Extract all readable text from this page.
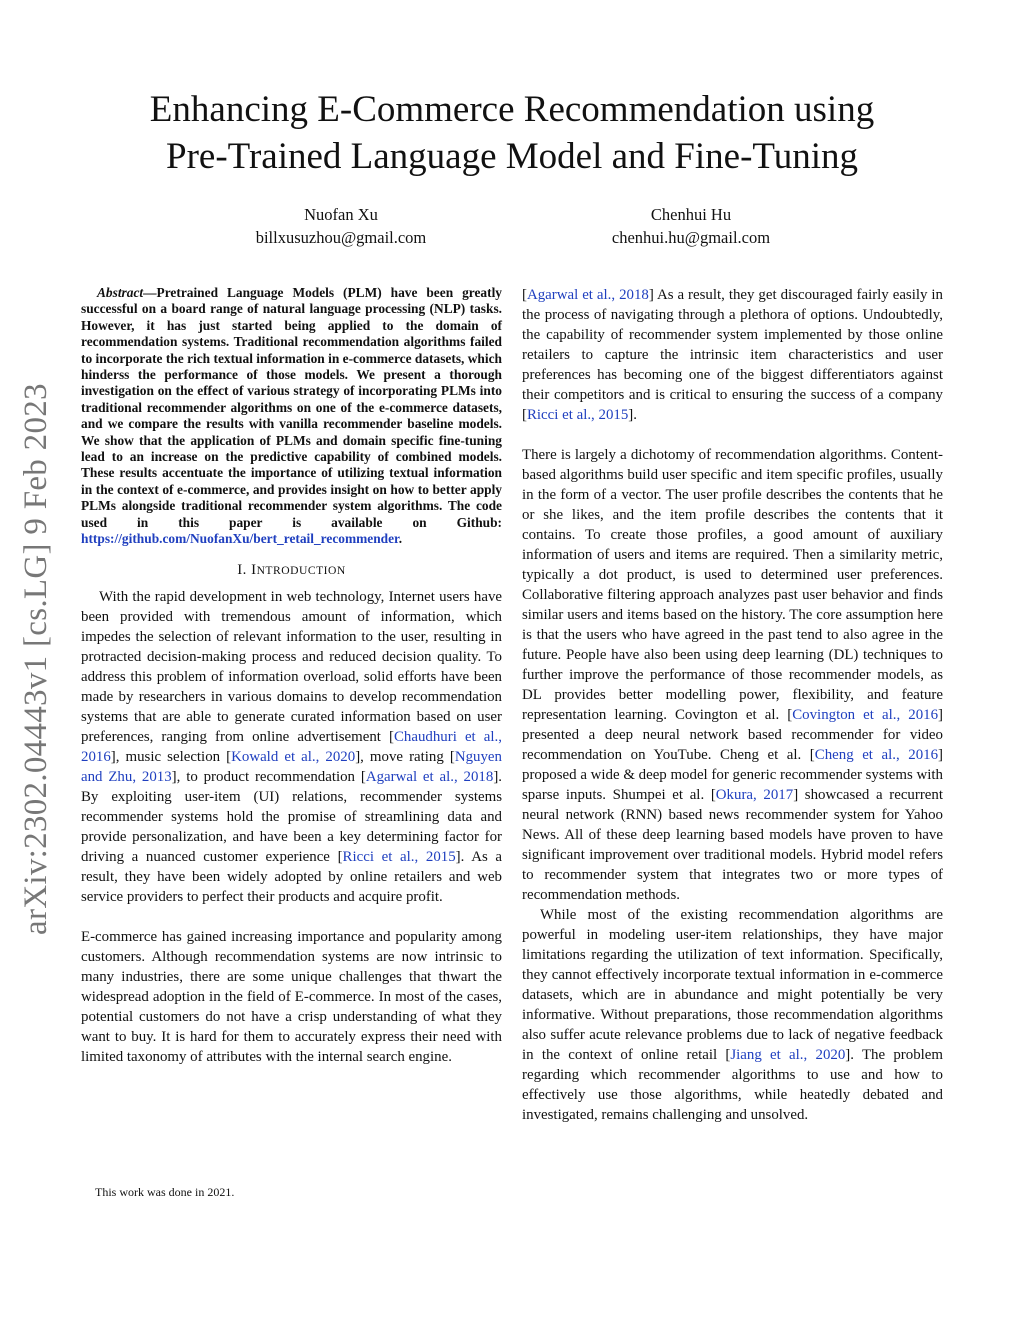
Enhancing E-Commerce Recommendation using
Pre-Trained Language Model and Fine-Tuning
Nuofan Xu
billxusuzhou@gmail.com
Chenhui Hu
chenhui.hu@gmail.com
arXiv:2302.04443v1 [cs.LG] 9 Feb 2023

Abstract—Pretrained Language Models (PLM) have been greatly successful on a board range of natural language processing (NLP) tasks. However, it has just started being applied to the domain of recommendation systems. Traditional recommendation algorithms failed to incorporate the rich textual information in e-commerce datasets, which hinderss the performance of those models. We present a thorough investigation on the effect of various strategy of incorporating PLMs into traditional recommender algorithms on one of the e-commerce datasets, and we compare the results with vanilla recommender baseline models. We show that the application of PLMs and domain specific fine-tuning lead to an increase on the predictive capability of combined models. These results accentuate the importance of utilizing textual information in the context of e-commerce, and provides insight on how to better apply PLMs alongside traditional recommender system algorithms. The code used in this paper is available on Github: https://github.com/NuofanXu/bert_retail_recommender.

I. INTRODUCTION

With the rapid development in web technology, Internet users have been provided with tremendous amount of information, which impedes the selection of relevant information to the user, resulting in protracted decision-making process and reduced decision quality. To address this problem of information overload, solid efforts have been made by researchers in various domains to develop recommendation systems that are able to generate curated information based on user preferences, ranging from online advertisement [Chaudhuri et al., 2016], music selection [Kowald et al., 2020], move rating [Nguyen and Zhu, 2013], to product recommendation [Agarwal et al., 2018]. By exploiting user-item (UI) relations, recommender systems recommender systems hold the promise of streamlining data and provide personalization, and have been a key determining factor for driving a nuanced customer experience [Ricci et al., 2015]. As a result, they have been widely adopted by online retailers and web service providers to perfect their products and acquire profit.

E-commerce has gained increasing importance and popularity among customers. Although recommendation systems are now intrinsic to many industries, there are some unique challenges that thwart the widespread adoption in the field of E-commerce. In most of the cases, potential customers do not have a crisp understanding of what they want to buy. It is hard for them to accurately express their need with limited taxonomy of attributes with the internal search engine.

This work was done in 2021.

[Agarwal et al., 2018] As a result, they get discouraged fairly easily in the process of navigating through a plethora of options. Undoubtedly, the capability of recommender system implemented by those online retailers to capture the intrinsic item characteristics and user preferences has becoming one of the biggest differentiators against their competitors and is critical to ensuring the success of a company [Ricci et al., 2015].

There is largely a dichotomy of recommendation algorithms. Content-based algorithms build user specific and item specific profiles, usually in the form of a vector. The user profile describes the contents that he or she likes, and the item profile describes the contents that it contains. To create those profiles, a good amount of auxiliary information of users and items are required. Then a similarity metric, typically a dot product, is used to determined user preferences. Collaborative filtering approach analyzes past user behavior and finds similar users and items based on the history. The core assumption here is that the users who have agreed in the past tend to also agree in the future. People have also been using deep learning (DL) techniques to further improve the performance of those recommender models, as DL provides better modelling power, flexibility, and feature representation learning. Covington et al. [Covington et al., 2016] presented a deep neural network based recommender for video recommendation on YouTube. Cheng et al. [Cheng et al., 2016] proposed a wide & deep model for generic recommender systems with sparse inputs. Shumpei et al. [Okura, 2017] showcased a recurrent neural network (RNN) based news recommender system for Yahoo News. All of these deep learning based models have proven to have significant improvement over traditional models. Hybrid model refers to recommender system that integrates two or more types of recommendation methods.

While most of the existing recommendation algorithms are powerful in modeling user-item relationships, they have major limitations regarding the utilization of text information. Specifically, they cannot effectively incorporate textual information in e-commerce datasets, which are in abundance and might potentially be very informative. Without preparations, those recommendation algorithms also suffer acute relevance problems due to lack of negative feedback in the context of online retail [Jiang et al., 2020]. The problem regarding which recommender algorithms to use and how to effectively use those algorithms, while heatedly debated and investigated, remains challenging and unsolved.
